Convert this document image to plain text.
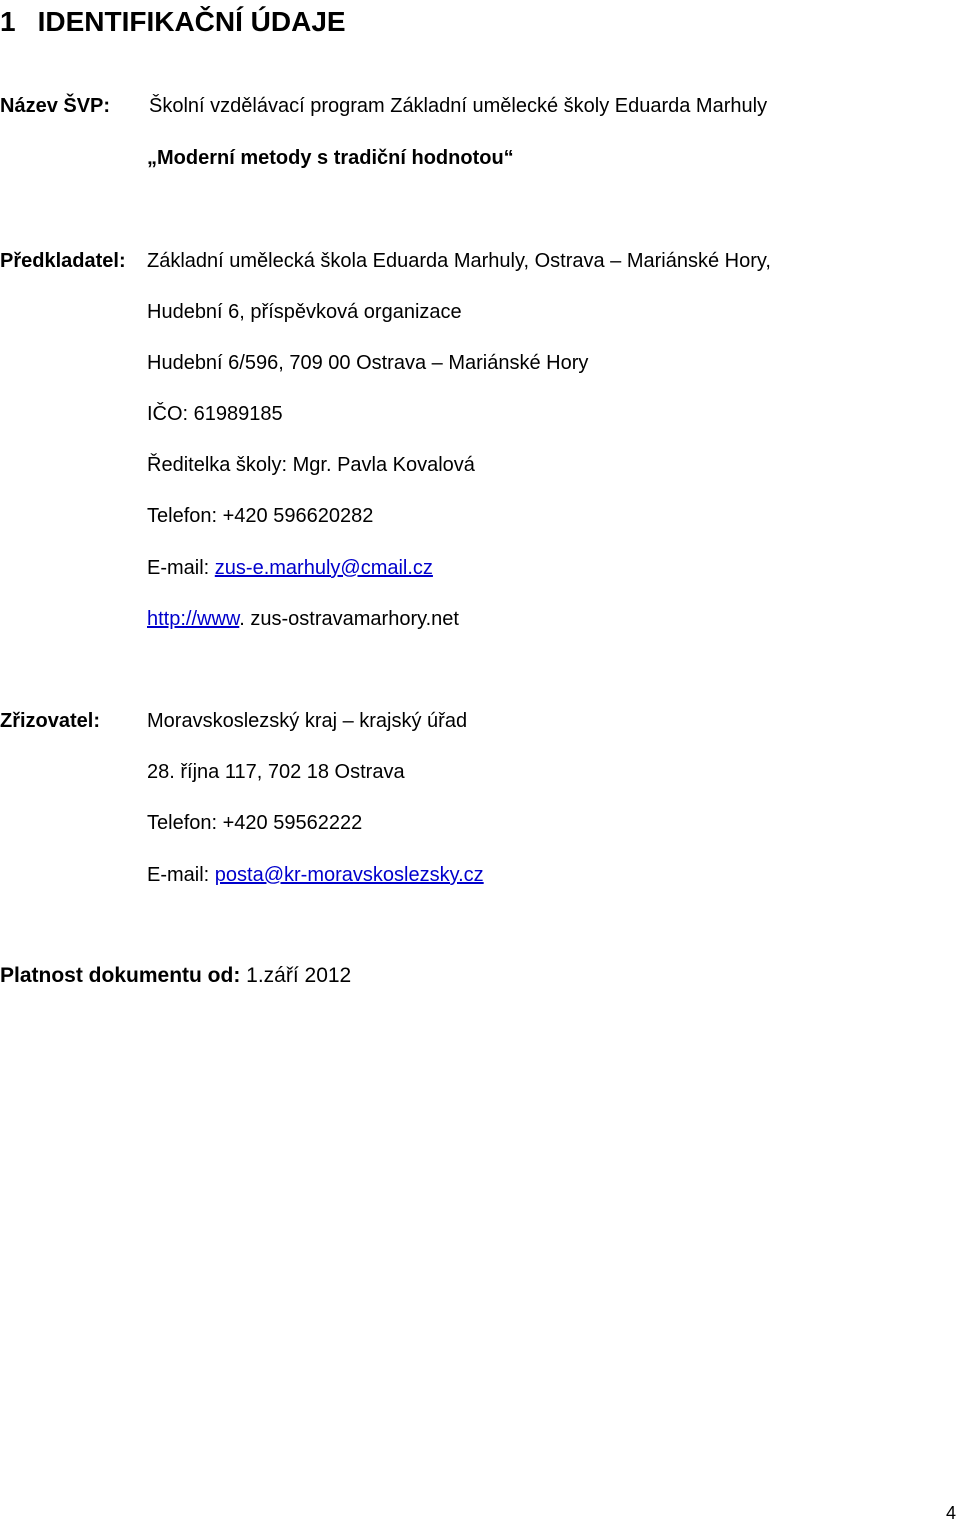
1 IDENTIFIKAČNÍ ÚDAJE
Název ŠVP: Školní vzdělávací program Základní umělecké školy Eduarda Marhuly
„Moderní metody s tradiční hodnotou“
Předkladatel: Základní umělecká škola Eduarda Marhuly, Ostrava – Mariánské Hory,
Hudební 6, příspěvková organizace
Hudební 6/596, 709 00 Ostrava – Mariánské Hory
IČO: 61989185
Ředitelka školy: Mgr. Pavla Kovalová
Telefon: +420 596620282
E-mail: zus-e.marhuly@cmail.cz
http://www. zus-ostravamarhory.net
Zřizovatel: Moravskoslezský kraj – krajský úřad
28. října 117, 702 18 Ostrava
Telefon: +420 59562222
E-mail: posta@kr-moravskoslezsky.cz
Platnost dokumentu od: 1.září 2012
4
